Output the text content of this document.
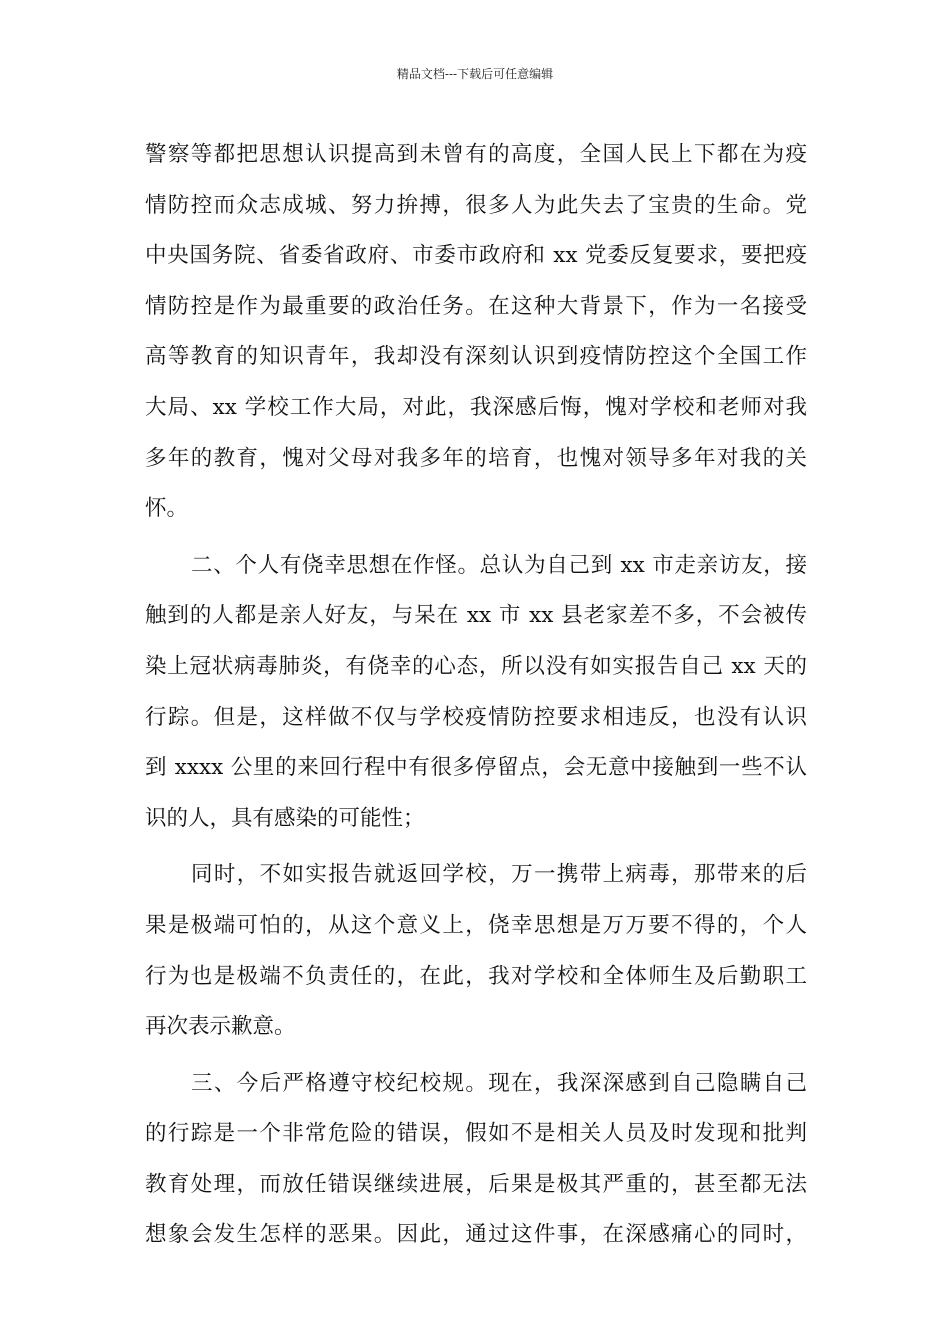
精品文档---下载后可任意编辑
警察等都把思想认识提高到未曾有的高度，全国人民上下都在为疫
情防控而众志成城、努力拚搏，很多人为此失去了宝贵的生命。党
中央国务院、省委省政府、市委市政府和 xx 党委反复要求，要把疫
情防控是作为最重要的政治任务。在这种大背景下，作为一名接受
高等教育的知识青年，我却没有深刻认识到疫情防控这个全国工作
大局、xx 学校工作大局，对此，我深感后悔，愧对学校和老师对我
多年的教育，愧对父母对我多年的培育，也愧对领导多年对我的关
怀。
二、个人有侥幸思想在作怪。总认为自己到 xx 市走亲访友，接
触到的人都是亲人好友，与呆在 xx 市 xx 县老家差不多，不会被传
染上冠状病毒肺炎，有侥幸的心态，所以没有如实报告自己 xx 天的
行踪。但是，这样做不仅与学校疫情防控要求相违反，也没有认识
到 xxxx 公里的来回行程中有很多停留点，会无意中接触到一些不认
识的人，具有感染的可能性；
同时，不如实报告就返回学校，万一携带上病毒，那带来的后
果是极端可怕的，从这个意义上，侥幸思想是万万要不得的，个人
行为也是极端不负责任的，在此，我对学校和全体师生及后勤职工
再次表示歉意。
三、今后严格遵守校纪校规。现在，我深深感到自己隐瞒自己
的行踪是一个非常危险的错误，假如不是相关人员及时发现和批判
教育处理，而放任错误继续进展，后果是极其严重的，甚至都无法
想象会发生怎样的恶果。因此，通过这件事，在深感痛心的同时，
